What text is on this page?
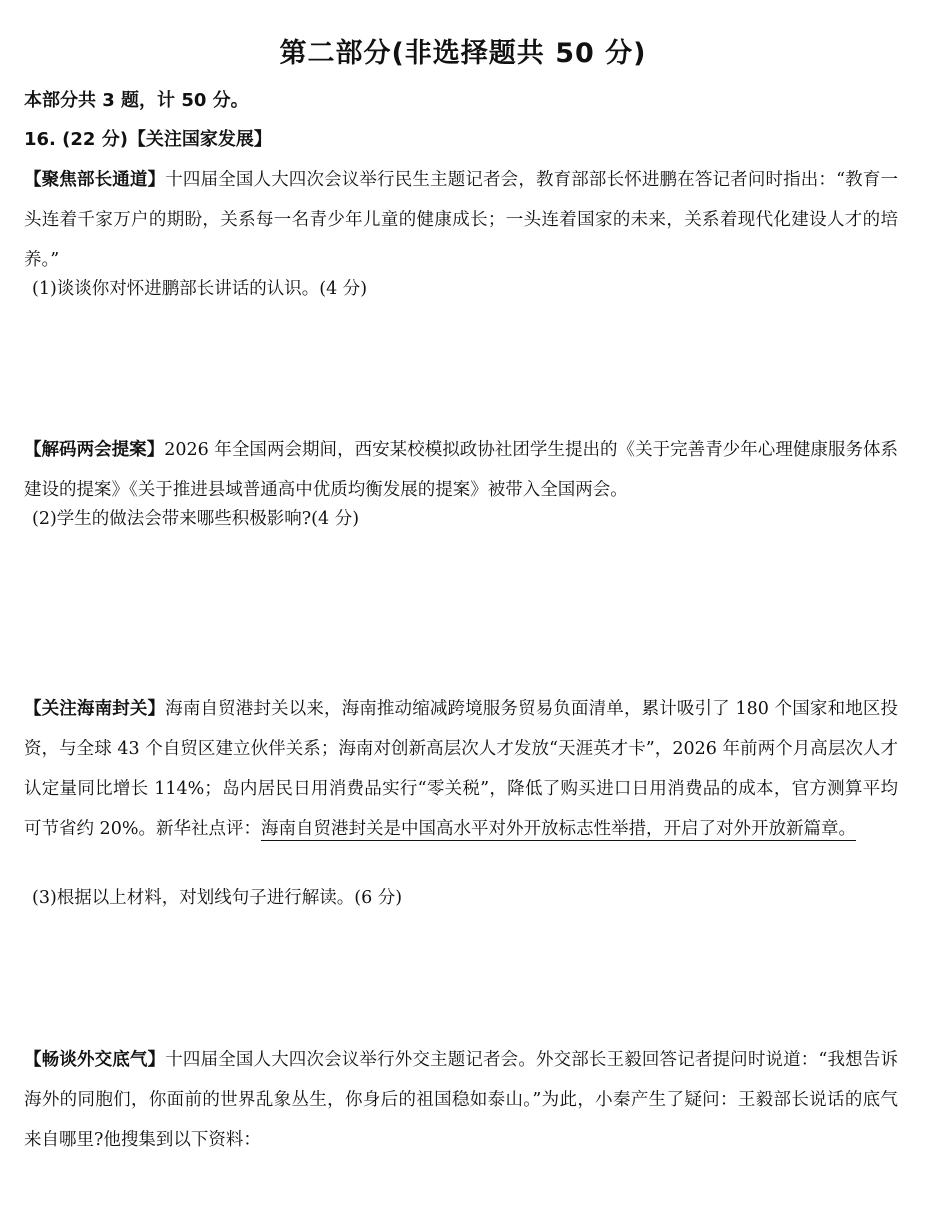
第二部分(非选择题共 50 分)
本部分共 3 题，计 50 分。
16. (22 分)【关注国家发展】
【聚焦部长通道】十四届全国人大四次会议举行民生主题记者会，教育部部长怀进鹏在答记者问时指出：“教育一头连着千家万户的期盼，关系每一名青少年儿童的健康成长；一头连着国家的未来，关系着现代化建设人才的培养。”
(1)谈谈你对怀进鹏部长讲话的认识。(4 分)
【解码两会提案】2026 年全国两会期间，西安某校模拟政协社团学生提出的《关于完善青少年心理健康服务体系建设的提案》《关于推进县域普通高中优质均衡发展的提案》被带入全国两会。
(2)学生的做法会带来哪些积极影响?(4 分)
【关注海南封关】海南自贸港封关以来，海南推动缩减跨境服务贸易负面清单，累计吸引了 180 个国家和地区投资，与全球 43 个自贸区建立伙伴关系；海南对创新高层次人才发放“天涯英才卡”，2026 年前两个月高层次人才认定量同比增长 114%；岛内居民日用消费品实行“零关税”，降低了购买进口日用消费品的成本，官方测算平均可节省约 20%。新华社点评：海南自贸港封关是中国高水平对外开放标志性举措，开启了对外开放新篇章。
(3)根据以上材料，对划线句子进行解读。(6 分)
【畅谈外交底气】十四届全国人大四次会议举行外交主题记者会。外交部长王毅回答记者提问时说道：“我想告诉海外的同胞们，你面前的世界乱象丛生，你身后的祖国稳如泰山。”为此，小秦产生了疑问：王毅部长说话的底气来自哪里?他搜集到以下资料：
